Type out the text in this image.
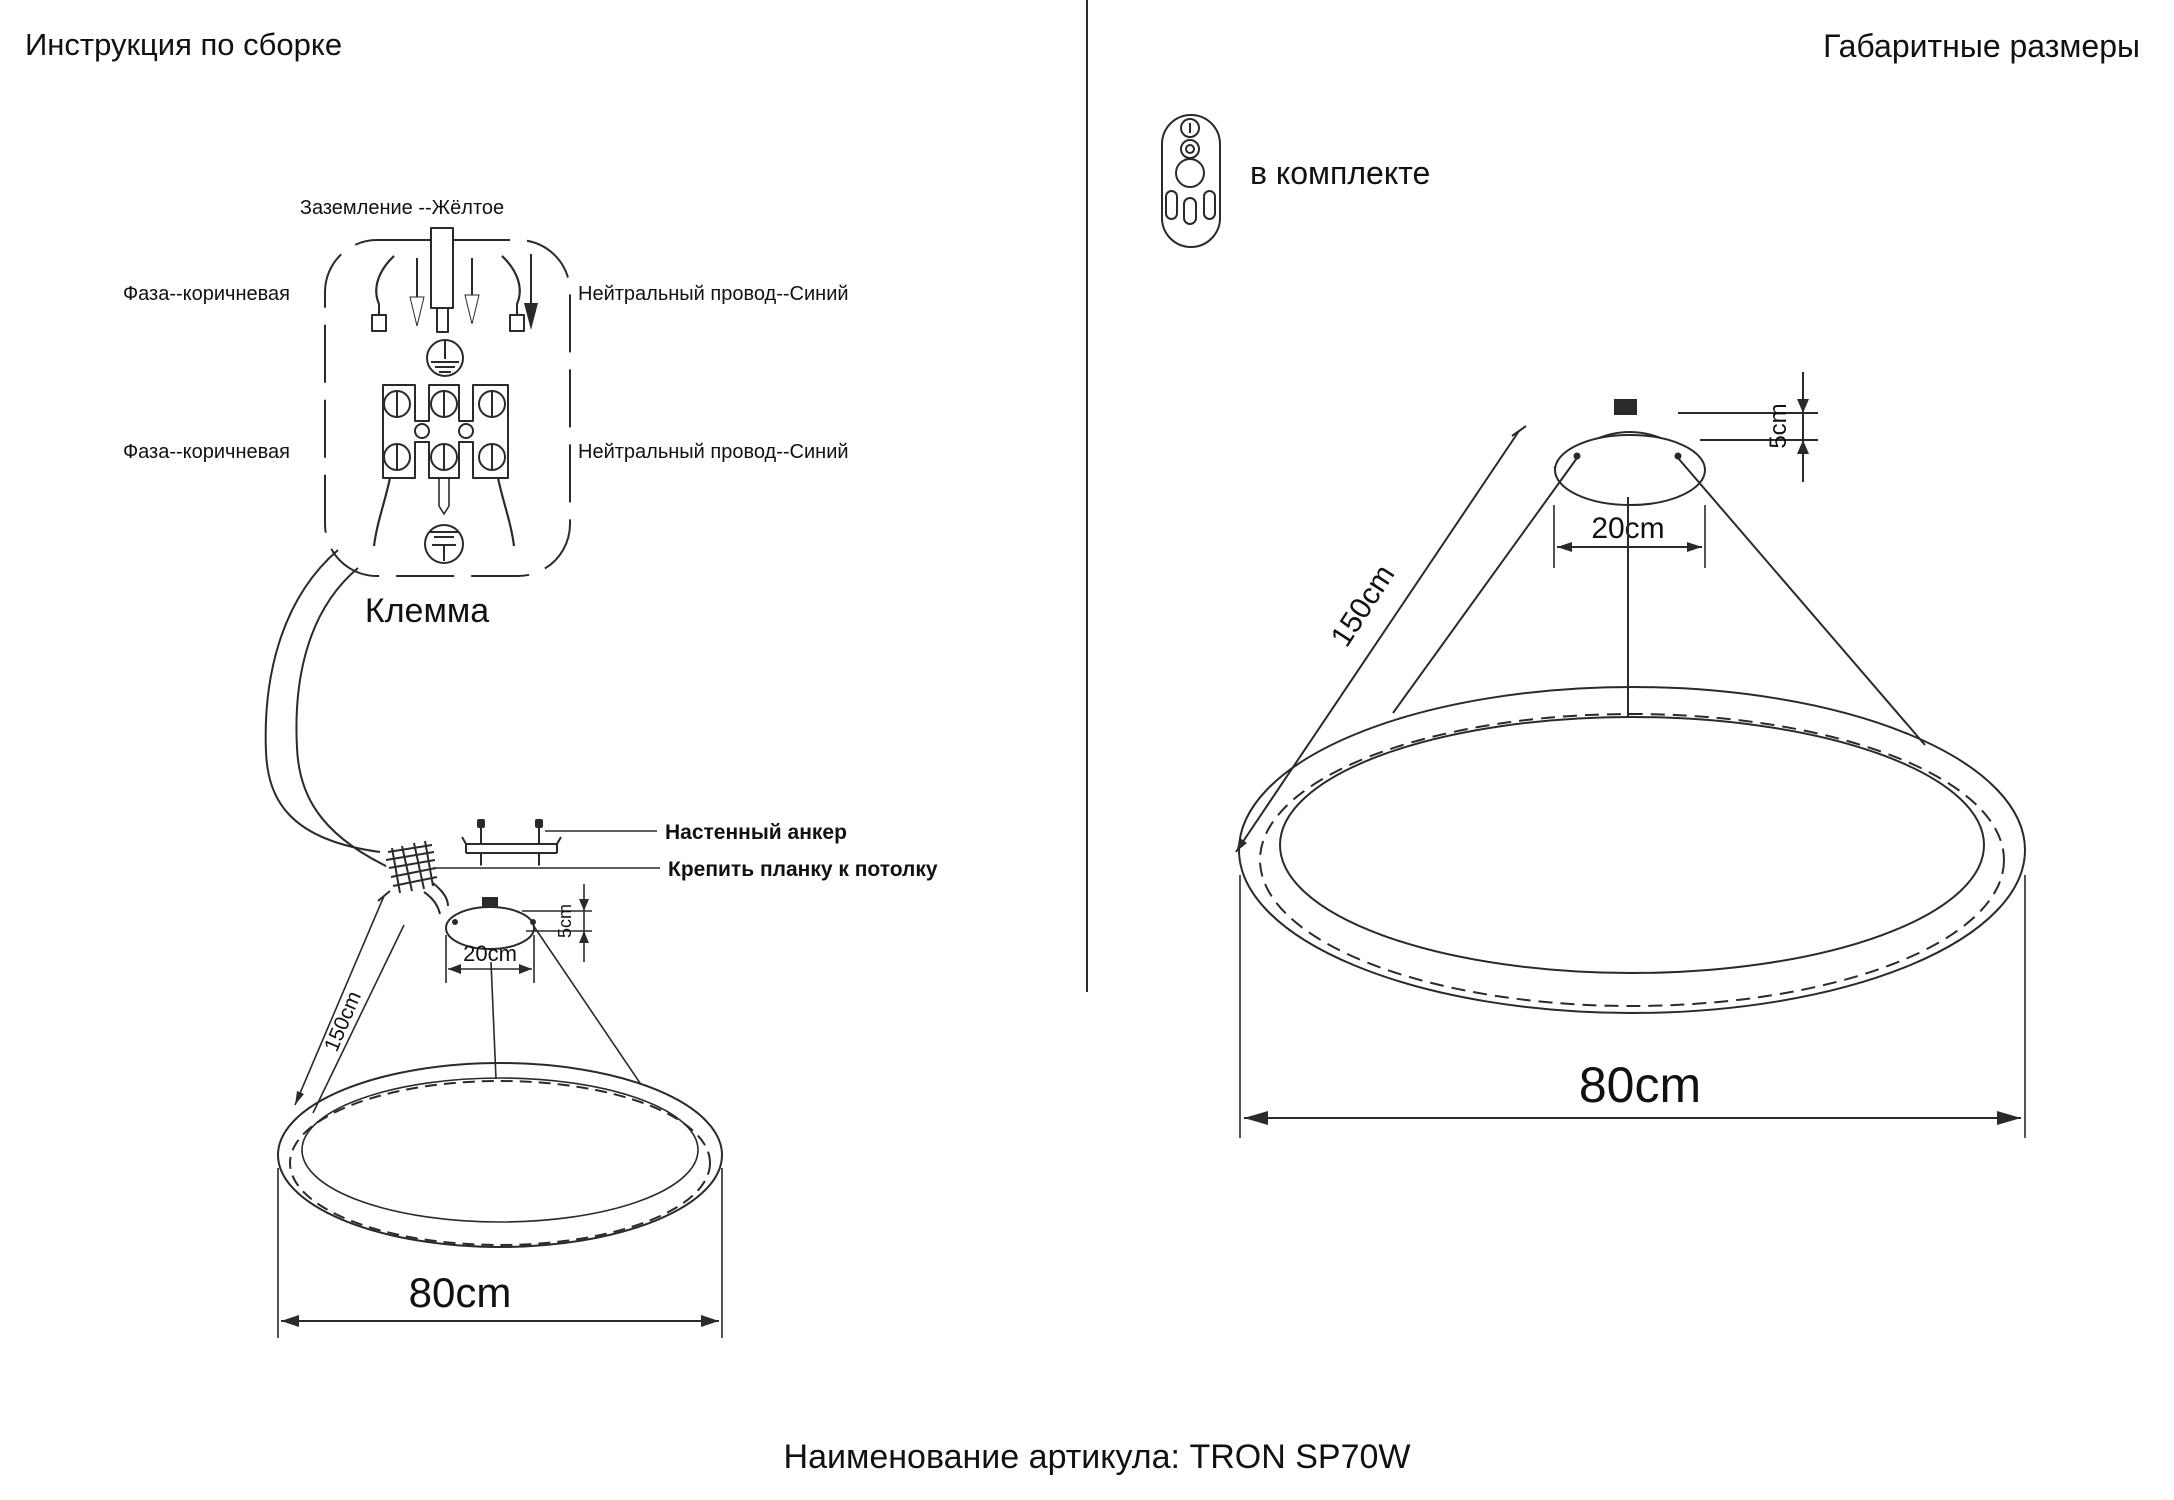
Инструкция по сборке	Габаритные размеры
Наименование артикула: TRON SP70W
Заземление --Жёлтое
Фаза--коричневая
Фаза--коричневая
Нейтральный провод--Синий
Нейтральный провод--Синий
Клемма
Настенный анкер
Крепить планку к потолку
20cm
5cm
150cm
80cm
в комплекте
20cm
5cm
150cm
80cm
